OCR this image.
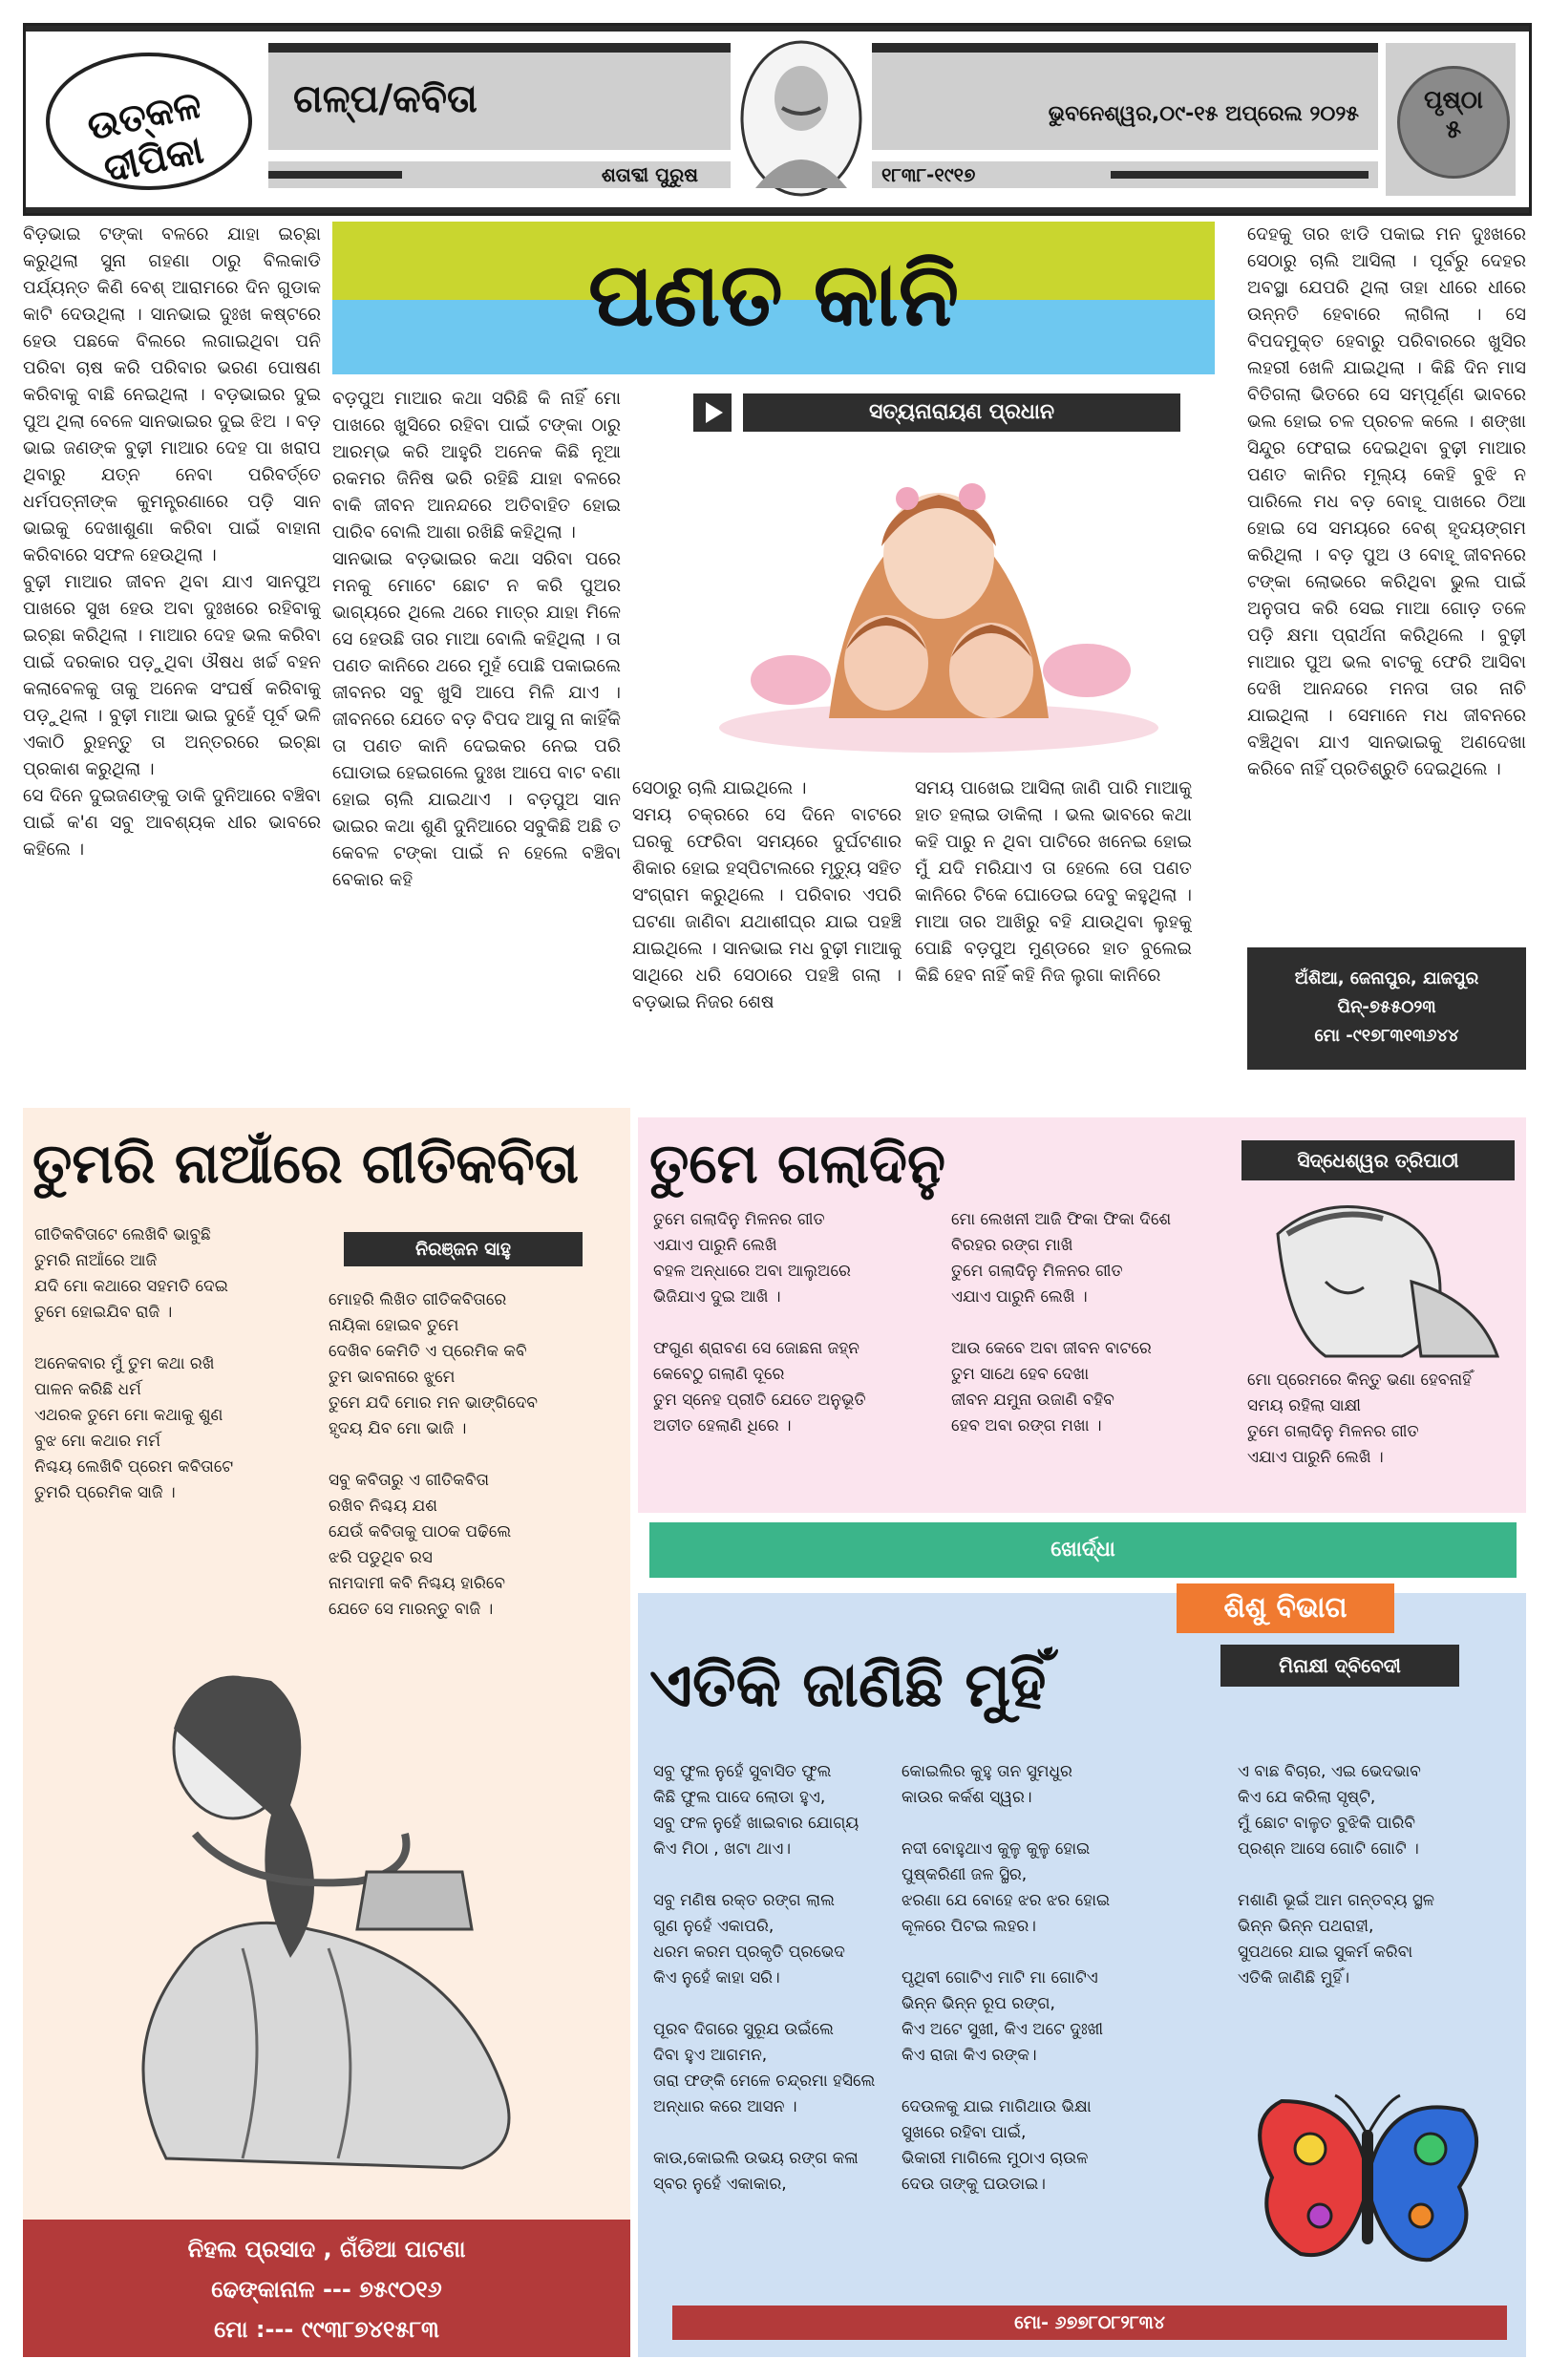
ଉତ୍କଳ ଦୀପିକା
ଗଳ୍ପ/କବିତା
ଶତାବ୍ଦୀ ପୁରୁଷ
ଭୁବନେଶ୍ୱର,୦୯-୧୫ ଅପ୍ରେଲ ୨୦୨୫
୧୮୩୮-୧୯୧୭
ପୃଷ୍ଠା
୫
ବିଡ଼ଭାଇ ଟଙ୍କା ବଳରେ ଯାହା ଇଚ୍ଛା କରୁଥିଲା ସୁନା ଗହଣା ଠାରୁ ବିଲକାଡି ପର୍ଯ୍ୟନ୍ତ କିଣି ବେଶ୍ ଆରାମରେ ଦିନ ଗୁଡାକ କାଟି ଦେଉଥିଲା । ସାନଭାଇ ଦୁଃଖ କଷ୍ଟରେ ହେଉ ପଛକେ ବିଲରେ ଲଗାଇଥିବା ପନି ପରିବା ଚାଷ କରି ପରିବାର ଭରଣ ପୋଷଣ କରିବାକୁ ବାଛି ନେଇଥିଲା । ବଡ଼ଭାଇର ଦୁଇ ପୁଅ ଥିଲା ବେଳେ ସାନଭାଇର ଦୁଇ ଝିଅ । ବଡ଼ ଭାଇ ଜଣଙ୍କ ବୁଢ଼ୀ ମାଆର ଦେହ ପା ଖରାପ ଥିବାରୁ ଯତ୍ନ ନେବା ପରିବର୍ତ୍ତେ ଧର୍ମପତ୍ନୀଙ୍କ କୁମନ୍ତ୍ରଣାରେ ପଡ଼ି ସାନ ଭାଇକୁ ଦେଖାଶୁଣା କରିବା ପାଇଁ ବାହାନା କରିବାରେ ସଫଳ ହେଉଥିଲା ।
ବୁଢ଼ୀ ମାଆର ଜୀବନ ଥିବା ଯାଏ ସାନପୁଅ ପାଖରେ ସୁଖ ହେଉ ଅବା ଦୁଃଖରେ ରହିବାକୁ ଇଚ୍ଛା କରିଥିଲା । ମାଆର ଦେହ ଭଲ କରିବା ପାଇଁ ଦରକାର ପଡ଼ୁଥିବା ଔଷଧ ଖର୍ଚ୍ଚ ବହନ କଲାବେଳକୁ ତାକୁ ଅନେକ ସଂଘର୍ଷ କରିବାକୁ ପଡ଼ୁଥିଲା । ବୁଢ଼ୀ ମାଆ ଭାଇ ଦୁହେଁ ପୂର୍ବ ଭଳି ଏକାଠି ରୁହନ୍ତୁ ତା ଅନ୍ତରରେ ଇଚ୍ଛା ପ୍ରକାଶ କରୁଥିଲା ।
ସେ ଦିନେ ଦୁଇଜଣଙ୍କୁ ଡାକି ଦୁନିଆରେ ବଞ୍ଚିବା ପାଇଁ କ'ଣ ସବୁ ଆବଶ୍ୟକ ଧୀର ଭାବରେ କହିଲେ ।
ପଣତ କାନି
ବଡ଼ପୁଅ ମାଆର କଥା ସରିଛି କି ନାହିଁ ମୋ ପାଖରେ ଖୁସିରେ ରହିବା ପାଇଁ ଟଙ୍କା ଠାରୁ ଆରମ୍ଭ କରି ଆହୁରି ଅନେକ କିଛି ନୂଆ ରକମର ଜିନିଷ ଭରି ରହିଛି ଯାହା ବଳରେ ବାକି ଜୀବନ ଆନନ୍ଦରେ ଅତିବାହିତ ହୋଇ ପାରିବ ବୋଲି ଆଶା ରଖିଛି କହିଥିଲା ।
ସାନଭାଇ ବଡ଼ଭାଇର କଥା ସରିବା ପରେ ମନକୁ ମୋଟେ ଛୋଟ ନ କରି ପୁଅର ଭାଗ୍ୟରେ ଥିଲେ ଥରେ ମାତ୍ର ଯାହା ମିଳେ ସେ ହେଉଛି ତାର ମାଆ ବୋଲି କହିଥିଲା । ତା ପଣତ କାନିରେ ଥରେ ମୁହଁ ପୋଛି ପକାଇଲେ ଜୀବନର ସବୁ ଖୁସି ଆପେ ମିଳି ଯାଏ । ଜୀବନରେ ଯେତେ ବଡ଼ ବିପଦ ଆସୁ ନା କାହିଁକି ତା ପଣତ କାନି ଦେଇକର ନେଇ ପରି ଘୋଡାଇ ହେଇଗଲେ ଦୁଃଖ ଆପେ ବାଟ ବଣା ହୋଇ ଚାଲି ଯାଇଥାଏ । ବଡ଼ପୁଅ ସାନ ଭାଇର କଥା ଶୁଣି ଦୁନିଆରେ ସବୁକିଛି ଅଛି ତ କେବଳ ଟଙ୍କା ପାଇଁ ନ ହେଲେ ବଞ୍ଚିବା ବେକାର କହି
ସତ୍ୟନାରାୟଣ ପ୍ରଧାନ
ସେଠାରୁ ଚାଲି ଯାଇଥିଲେ ।
ସମୟ ଚକ୍ରରେ ସେ ଦିନେ ବାଟରେ ଘରକୁ ଫେରିବା ସମୟରେ ଦୁର୍ଘଟଣାର ଶିକାର ହୋଇ ହସ୍ପିଟାଲରେ ମୃତ୍ୟୁ ସହିତ ସଂଗ୍ରାମ କରୁଥିଲେ । ପରିବାର ଏପରି ଘଟଣା ଜାଣିବା ଯଥାଶୀଘ୍ର ଯାଇ ପହଞ୍ଚି ଯାଇଥିଲେ । ସାନଭାଇ ମଧ ବୁଢ଼ୀ ମାଆକୁ ସାଥିରେ ଧରି ସେଠାରେ ପହଞ୍ଚି ଗଲା । ବଡ଼ଭାଇ ନିଜର ଶେଷ
ସମୟ ପାଖେଇ ଆସିଲା ଜାଣି ପାରି ମାଆକୁ ହାତ ହଲାଇ ଡାକିଲା । ଭଲ ଭାବରେ କଥା କହି ପାରୁ ନ ଥିବା ପାଟିରେ ଖନେଇ ହୋଇ ମୁଁ ଯଦି ମରିଯାଏ ତା ହେଲେ ତୋ ପଣତ କାନିରେ ଟିକେ ଘୋଡେଇ ଦେବୁ କହୁଥିଲା । ମାଆ ତାର ଆଖିରୁ ବହି ଯାଉଥିବା ଲୁହକୁ ପୋଛି ବଡ଼ପୁଅ ମୁଣ୍ଡରେ ହାତ ବୁଲେଇ କିଛି ହେବ ନାହିଁ କହି ନିଜ ଲୁଗା କାନିରେ
ଦେହକୁ ତାର ଝାଡି ପକାଇ ମନ ଦୁଃଖରେ ସେଠାରୁ ଚାଲି ଆସିଲା । ପୂର୍ବରୁ ଦେହର ଅବସ୍ଥା ଯେପରି ଥିଲା ତାହା ଧୀରେ ଧୀରେ ଉନ୍ନତି ହେବାରେ ଲାଗିଲା । ସେ ବିପଦମୁକ୍ତ ହେବାରୁ ପରିବାରରେ ଖୁସିର ଲହରୀ ଖେଳି ଯାଇଥିଲା । କିଛି ଦିନ ମାସ ବିତିଗଲା ଭିତରେ ସେ ସମ୍ପୂର୍ଣ୍ଣ ଭାବରେ ଭଲ ହୋଇ ଚଳ ପ୍ରଚଳ କଲେ । ଶଙ୍ଖା ସିନ୍ଦୁର ଫେରାଇ ଦେଇଥିବା ବୁଢ଼ୀ ମାଆର ପଣତ କାନିର ମୂଲ୍ୟ କେହି ବୁଝି ନ ପାରିଲେ ମଧ ବଡ଼ ବୋହୂ ପାଖରେ ଠିଆ ହୋଇ ସେ ସମୟରେ ବେଶ୍ ହୃଦୟଙ୍ଗମ କରିଥିଲା । ବଡ଼ ପୁଅ ଓ ବୋହୂ ଜୀବନରେ ଟଙ୍କା ଲୋଭରେ କରିଥିବା ଭୁଲ ପାଇଁ ଅନୁତାପ କରି ସେଇ ମାଆ ଗୋଡ଼ ତଳେ ପଡ଼ି କ୍ଷମା ପ୍ରାର୍ଥନା କରିଥିଲେ । ବୁଢ଼ୀ ମାଆର ପୁଅ ଭଲ ବାଟକୁ ଫେରି ଆସିବା ଦେଖି ଆନନ୍ଦରେ ମନତା ତାର ନାଚି ଯାଇଥିଲା । ସେମାନେ ମଧ ଜୀବନରେ ବଞ୍ଚିଥିବା ଯାଏ ସାନଭାଇକୁ ଅଣଦେଖା କରିବେ ନାହିଁ ପ୍ରତିଶ୍ରୁତି ଦେଇଥିଲେ ।
ଅଁଶିଆ, ଜେନାପୁର, ଯାଜପୁର
ପିନ୍-୭୫୫୦୨୩
ମୋ -୯୧୭୮୩୧୩୬୪୪
ତୁମରି ନାଆଁରେ ଗୀତିକବିତା
ନିରଞ୍ଜନ ସାହୁ
ଗୀତିକବିତାଟେ ଲେଖିବି ଭାବୁଛି
ତୁମରି ନାଆଁରେ ଆଜି
ଯଦି ମୋ କଥାରେ ସହମତି ଦେଇ
ତୁମେ ହୋଇଯିବ ରାଜି ।

ଅନେକବାର ମୁଁ ତୁମ କଥା ରଖି
ପାଳନ କରିଛି ଧର୍ମ
ଏଥରକ ତୁମେ ମୋ କଥାକୁ ଶୁଣ
ବୁଝ ମୋ କଥାର ମର୍ମ
ନିଶ୍ଚୟ ଲେଖିବି ପ୍ରେମ କବିତାଟେ
ତୁମରି ପ୍ରେମିକ ସାଜି ।
ମୋହରି ଲିଖିତ ଗୀତିକବିତାରେ
ନାୟିକା ହୋଇବ ତୁମେ
ଦେଖିବ କେମିତି ଏ ପ୍ରେମିକ କବି
ତୁମ ଭାବନାରେ ଝୁମେ
ତୁମେ ଯଦି ମୋର ମନ ଭାଙ୍ଗିଦେବ
ହୃଦୟ ଯିବ ମୋ ଭାଜି ।

ସବୁ କବିତାରୁ ଏ ଗୀତିକବିତା
ରଖିବ ନିଶ୍ଚୟ ଯଶ
ଯେଉଁ କବିତାକୁ ପାଠକ ପଢିଲେ
ଝରି ପଡୁଥିବ ରସ
ନାମଦାମୀ କବି ନିଶ୍ଚୟ ହାରିବେ
ଯେତେ ସେ ମାରନ୍ତୁ ବାଜି ।
ନିହଲ ପ୍ରସାଦ , ଗଁଡିଆ ପାଟଣା
ଢେଙ୍କାନାଳ --- ୭୫୯୦୧୬
ମୋ :--- ୯୯୩୮୭୪୧୫୮୩
ତୁମେ ଗଲାଦିନୁ	ସିଦ୍ଧେଶ୍ୱର ତ୍ରିପାଠୀ
ତୁମେ ଗଲାଦିନୁ ମିଳନର ଗୀତ
ଏଯାଏ ପାରୁନି ଲେଖି
ବହଳ ଅନ୍ଧାରେ ଅବା ଆଲୁଅରେ
ଭିଜିଯାଏ ଦୁଇ ଆଖି ।

ଫଗୁଣ ଶ୍ରାବଣ ସେ ଜୋଛନା ଜହ୍ନ
କେବେଠୁ ଗଲାଣି ଦୂରେ
ତୁମ ସ୍ନେହ ପ୍ରୀତି ଯେତେ ଅନୁଭୂତି
ଅତୀତ ହେଲାଣି ଧିରେ ।
ମୋ ଲେଖନୀ ଆଜି ଫିକା ଫିକା ଦିଶେ
ବିରହର ରଙ୍ଗ ମାଖି
ତୁମେ ଗଲାଦିନୁ ମିଳନର ଗୀତ
ଏଯାଏ ପାରୁନି ଲେଖି ।

ଆଉ କେବେ ଅବା ଜୀବନ ବାଟରେ
ତୁମ ସାଥେ ହେବ ଦେଖା
ଜୀବନ ଯମୁନା ଉଜାଣି ବହିବ
ହେବ ଅବା ରଙ୍ଗ ମଖା ।
ମୋ ପ୍ରେମରେ କିନ୍ତୁ ଭଣା ହେବନାହିଁ
ସମୟ ରହିଲା ସାକ୍ଷୀ
ତୁମେ ଗଲାଦିନୁ ମିଳନର ଗୀତ
ଏଯାଏ ପାରୁନି ଲେଖି ।
ଖୋର୍ଦ୍ଧା
ଶିଶୁ ବିଭାଗ
ଏତିକି ଜାଣିଛି ମୁହିଁ	ମିନାକ୍ଷୀ ଦ୍ବିବେଦୀ
ସବୁ ଫୁଲ ନୁହେଁ ସୁବାସିତ ଫୁଲ
କିଛି ଫୁଲ ପାଦେ ଲୋଡା ହୁଏ,
ସବୁ ଫଳ ନୁହେଁ ଖାଇବାର ଯୋଗ୍ୟ
କିଏ ମିଠା , ଖଟା ଥାଏ।

ସବୁ ମଣିଷ ରକ୍ତ ରଙ୍ଗ ଲାଲ
ଗୁଣ ନୁହେଁ ଏକାପରି,
ଧରମ କରମ ପ୍ରକୃତି ପ୍ରଭେଦ
କିଏ ନୁହେଁ କାହା ସରି।

ପୂରବ ଦିଗରେ ସୁରୂଯ ଉଇଁଲେ
ଦିବା ହୁଏ ଆଗମନ,
ତାରା ଫଙ୍କି ମେଳେ ଚନ୍ଦ୍ରମା ହସିଲେ
ଅନ୍ଧାର କରେ ଆସନ ।

କାଉ,କୋଇଲି ଉଭୟ ରଙ୍ଗ କଳା
ସ୍ବର ନୁହେଁ ଏକାକାର,
କୋଇଲିର କୁହୁ ତାନ ସୁମଧୁର
କାଉର କର୍କଶ ସ୍ୱର।

ନଦୀ ବୋହୁଥାଏ କୁଳୁ କୁଳୁ ହୋଇ
ପୁଷ୍କରିଣୀ ଜଳ ସ୍ଥିର,
ଝରଣା ଯେ ବୋହେ ଝର ଝର ହୋଇ
କୂଳରେ ପିଟଇ ଲହର।

ପୃଥିବୀ ଗୋଟିଏ ମାଟି ମା ଗୋଟିଏ
ଭିନ୍ନ ଭିନ୍ନ ରୂପ ରଙ୍ଗ,
କିଏ ଅଟେ ସୁଖୀ, କିଏ ଅଟେ ଦୁଃଖୀ
କିଏ ରାଜା କିଏ ରଙ୍କ।

ଦେଉଳକୁ ଯାଇ ମାଗିଥାଉ ଭିକ୍ଷା
ସୁଖରେ ରହିବା ପାଇଁ,
ଭିକାରୀ ମାଗିଲେ ମୁଠାଏ ଚାଉଳ
ଦେଉ ତାଙ୍କୁ ଘଉଡାଇ।
ଏ ବାଛ ବିଚାର, ଏଇ ଭେଦଭାବ
କିଏ ଯେ କରିଲା ସୃଷ୍ଟି,
ମୁଁ ଛୋଟ ବାଳୁତ ବୁଝିକି ପାରିବି
ପ୍ରଶ୍ନ ଆସେ ଗୋଟି ଗୋଟି ।

ମଶାଣି ଭୂଇଁ ଆମ ଗନ୍ତବ୍ୟ ସ୍ଥଳ
ଭିନ୍ନ ଭିନ୍ନ ପଥରାହୀ,
ସୁପଥରେ ଯାଇ ସୁକର୍ମ କରିବା
ଏତିକି ଜାଣିଛି ମୁହିଁ।
ମୋ- ୬୭୭୮୦୮୨୮୩୪
